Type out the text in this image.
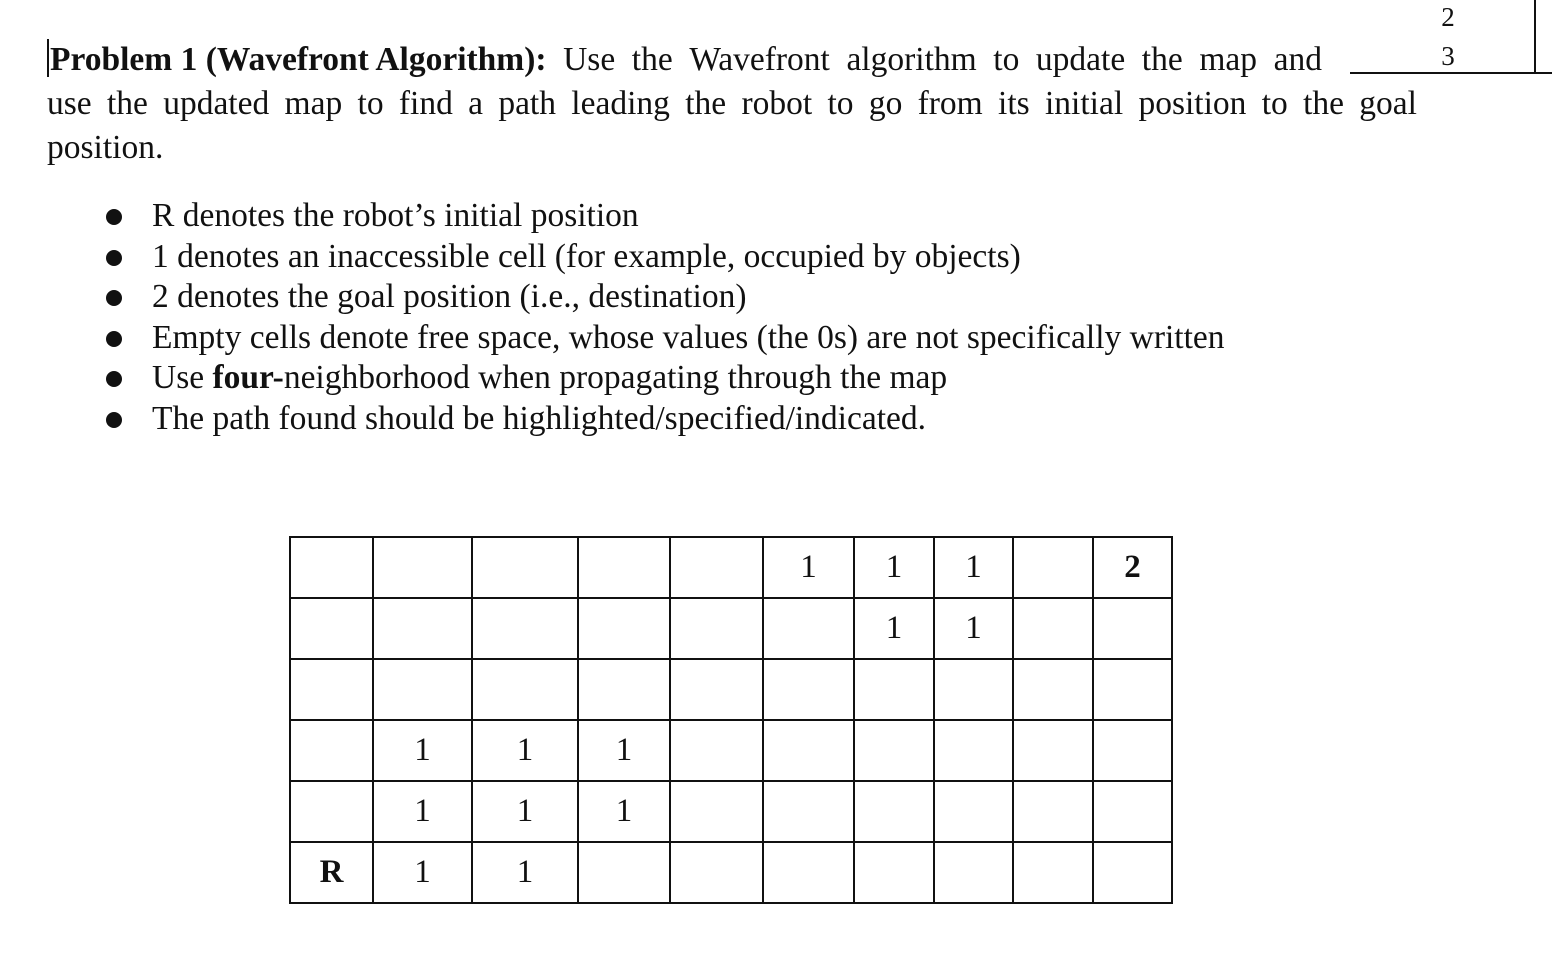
2
3
Problem 1 (Wavefront Algorithm): Use the Wavefront algorithm to update the map and
use the updated map to find a path leading the robot to go from its initial position to the goal
position.
R denotes the robot’s initial position
1 denotes an inaccessible cell (for example, occupied by objects)
2 denotes the goal position (i.e., destination)
Empty cells denote free space, whose values (the 0s) are not specifically written
Use four-neighborhood when propagating through the map
The path found should be highlighted/specified/indicated.
					1	1	1		2
						1	1		

	1	1	1						
	1	1	1						
R	1	1							
